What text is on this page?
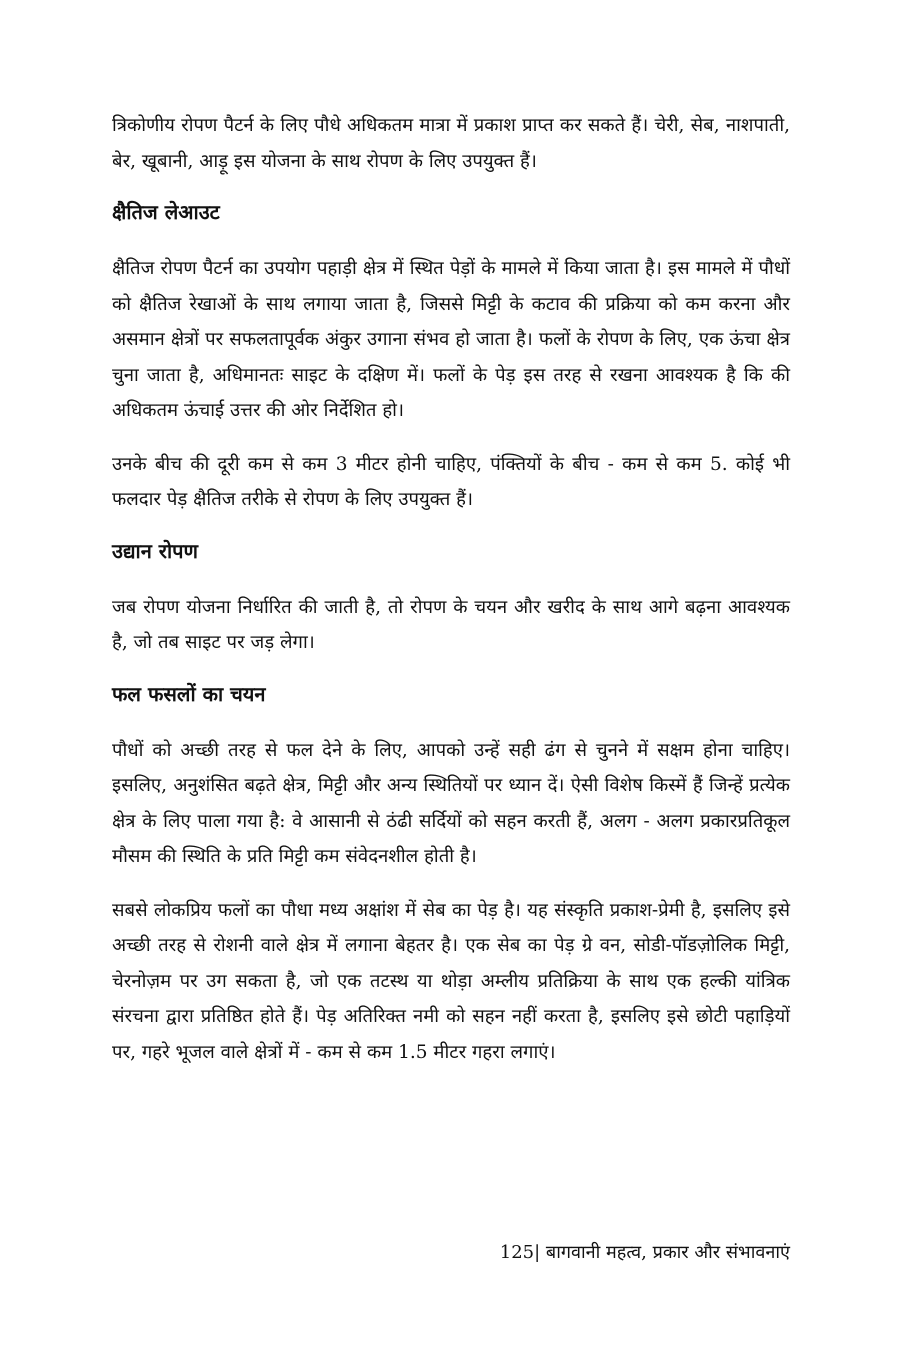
त्रिकोणीय रोपण पैटर्न के लिए पौधे अधिकतम मात्रा में प्रकाश प्राप्त कर सकते हैं। चेरी, सेब, नाशपाती, बेर, खूबानी, आड़ू इस योजना के साथ रोपण के लिए उपयुक्त हैं।

क्षैतिज लेआउट

क्षैतिज रोपण पैटर्न का उपयोग पहाड़ी क्षेत्र में स्थित पेड़ों के मामले में किया जाता है। इस मामले में पौधों को क्षैतिज रेखाओं के साथ लगाया जाता है, जिससे मिट्टी के कटाव की प्रक्रिया को कम करना और असमान क्षेत्रों पर सफलतापूर्वक अंकुर उगाना संभव हो जाता है। फलों के रोपण के लिए, एक ऊंचा क्षेत्र चुना जाता है, अधिमानतः साइट के दक्षिण में। फलों के पेड़ इस तरह से रखना आवश्यक है कि की अधिकतम ऊंचाई उत्तर की ओर निर्देशित हो।

उनके बीच की दूरी कम से कम 3 मीटर होनी चाहिए, पंक्तियों के बीच - कम से कम 5. कोई भी फलदार पेड़ क्षैतिज तरीके से रोपण के लिए उपयुक्त हैं।

उद्यान रोपण

जब रोपण योजना निर्धारित की जाती है, तो रोपण के चयन और खरीद के साथ आगे बढ़ना आवश्यक है, जो तब साइट पर जड़ लेगा।

फल फसलों का चयन

पौधों को अच्छी तरह से फल देने के लिए, आपको उन्हें सही ढंग से चुनने में सक्षम होना चाहिए। इसलिए, अनुशंसित बढ़ते क्षेत्र, मिट्टी और अन्य स्थितियों पर ध्यान दें। ऐसी विशेष किस्में हैं जिन्हें प्रत्येक क्षेत्र के लिए पाला गया है: वे आसानी से ठंढी सर्दियों को सहन करती हैं, अलग - अलग प्रकारप्रतिकूल मौसम की स्थिति के प्रति मिट्टी कम संवेदनशील होती है।

सबसे लोकप्रिय फलों का पौधा मध्य अक्षांश में सेब का पेड़ है। यह संस्कृति प्रकाश-प्रेमी है, इसलिए इसे अच्छी तरह से रोशनी वाले क्षेत्र में लगाना बेहतर है। एक सेब का पेड़ ग्रे वन, सोडी-पॉडज़ोलिक मिट्टी, चेरनोज़म पर उग सकता है, जो एक तटस्थ या थोड़ा अम्लीय प्रतिक्रिया के साथ एक हल्की यांत्रिक संरचना द्वारा प्रतिष्ठित होते हैं। पेड़ अतिरिक्त नमी को सहन नहीं करता है, इसलिए इसे छोटी पहाड़ियों पर, गहरे भूजल वाले क्षेत्रों में - कम से कम 1.5 मीटर गहरा लगाएं।

125| बागवानी महत्व, प्रकार और संभावनाएं
